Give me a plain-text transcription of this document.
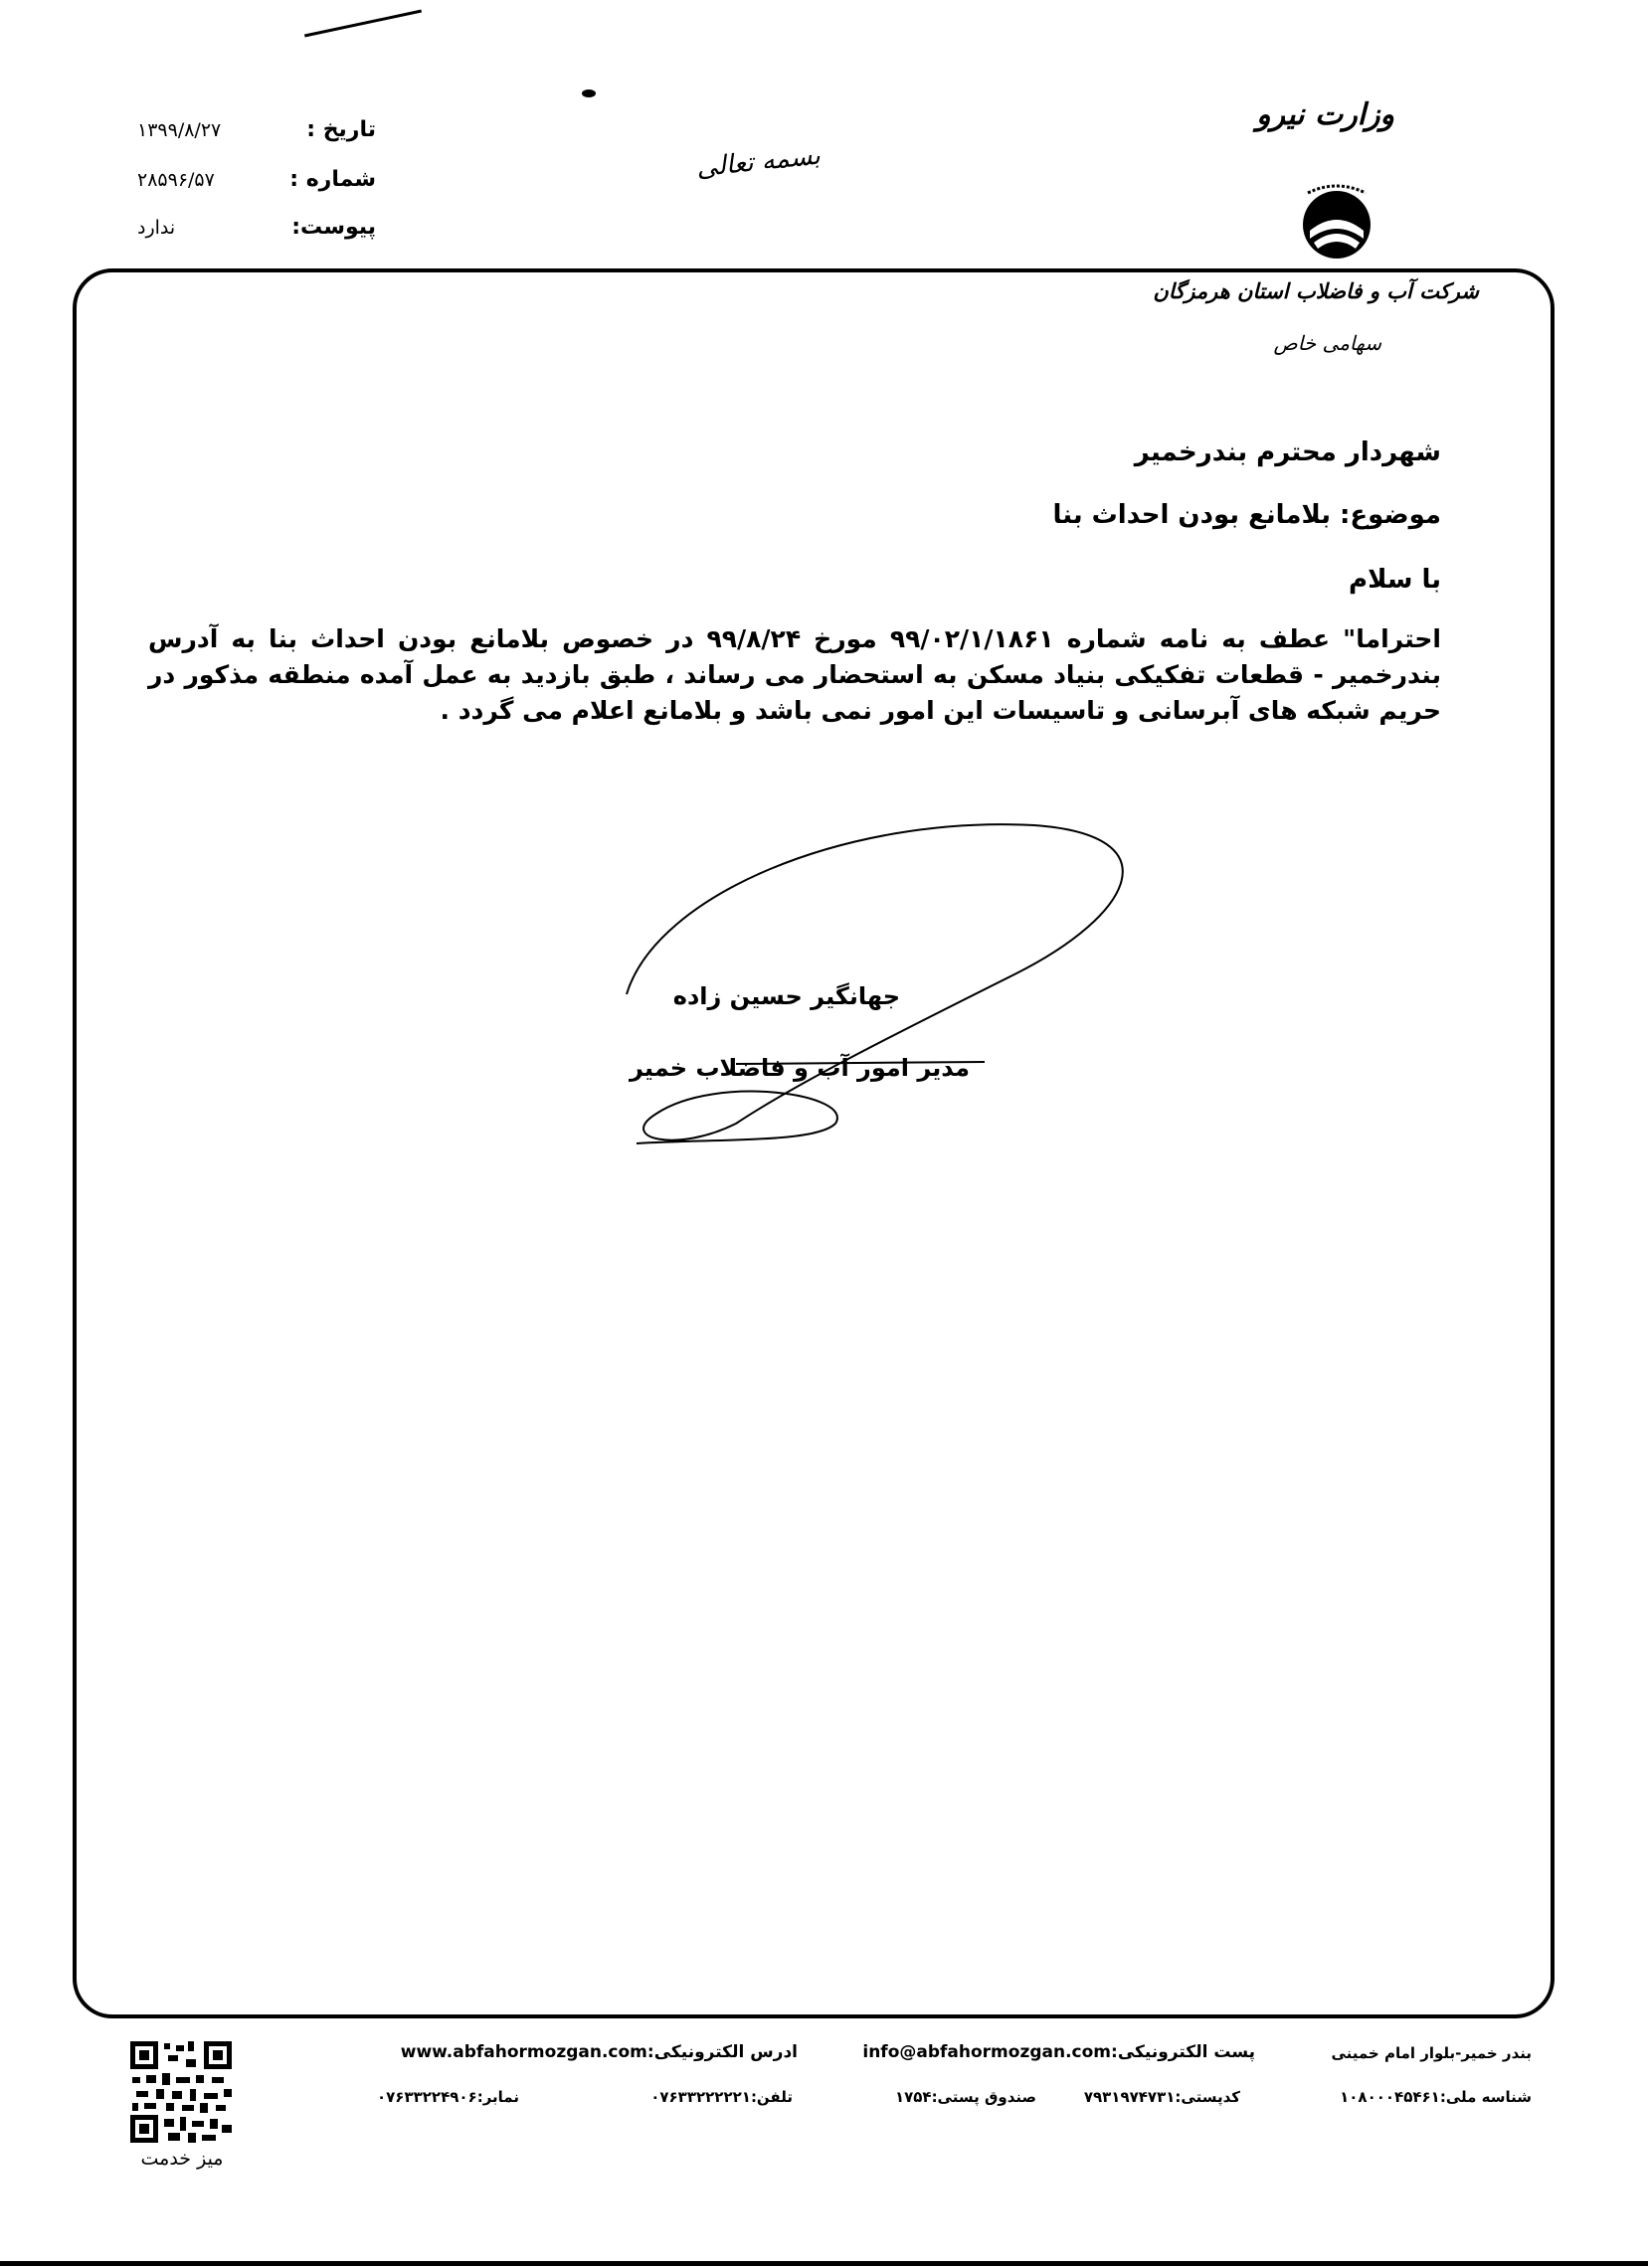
تاریخ :
۱۳۹۹/۸/۲۷
شماره :
۲۸۵۹۶/۵۷
پیوست:
ندارد
بسمه تعالی
وزارت نیرو
شرکت آب و فاضلاب استان هرمزگان
سهامی خاص
شهردار محترم بندرخمیر
موضوع: بلامانع بودن احداث بنا
با سلام
احتراما" عطف به نامه شماره ۹۹/۰۲/۱/۱۸۶۱ مورخ ۹۹/۸/۲۴ در خصوص بلامانع بودن احداث بنا به آدرس بندرخمیر - قطعات تفکیکی بنیاد مسکن به استحضار می رساند ، طبق بازدید به عمل آمده منطقه مذکور در حریم شبکه های آبرسانی و تاسیسات این امور نمی باشد و بلامانع اعلام می گردد .
جهانگیر حسین زاده
مدیر امور آب و فاضلاب خمیر
بندر خمیر-بلوار امام خمینی
پست الکترونیکی:info@abfahormozgan.com
ادرس الکترونیکی:www.abfahormozgan.com
شناسه ملی:۱۰۸۰۰۰۴۵۴۶۱
کدپستی:۷۹۳۱۹۷۴۷۳۱
صندوق پستی:۱۷۵۴
تلفن:۰۷۶۳۳۲۲۲۲۲۱
نمابر:۰۷۶۳۳۲۲۴۹۰۶
میز خدمت
